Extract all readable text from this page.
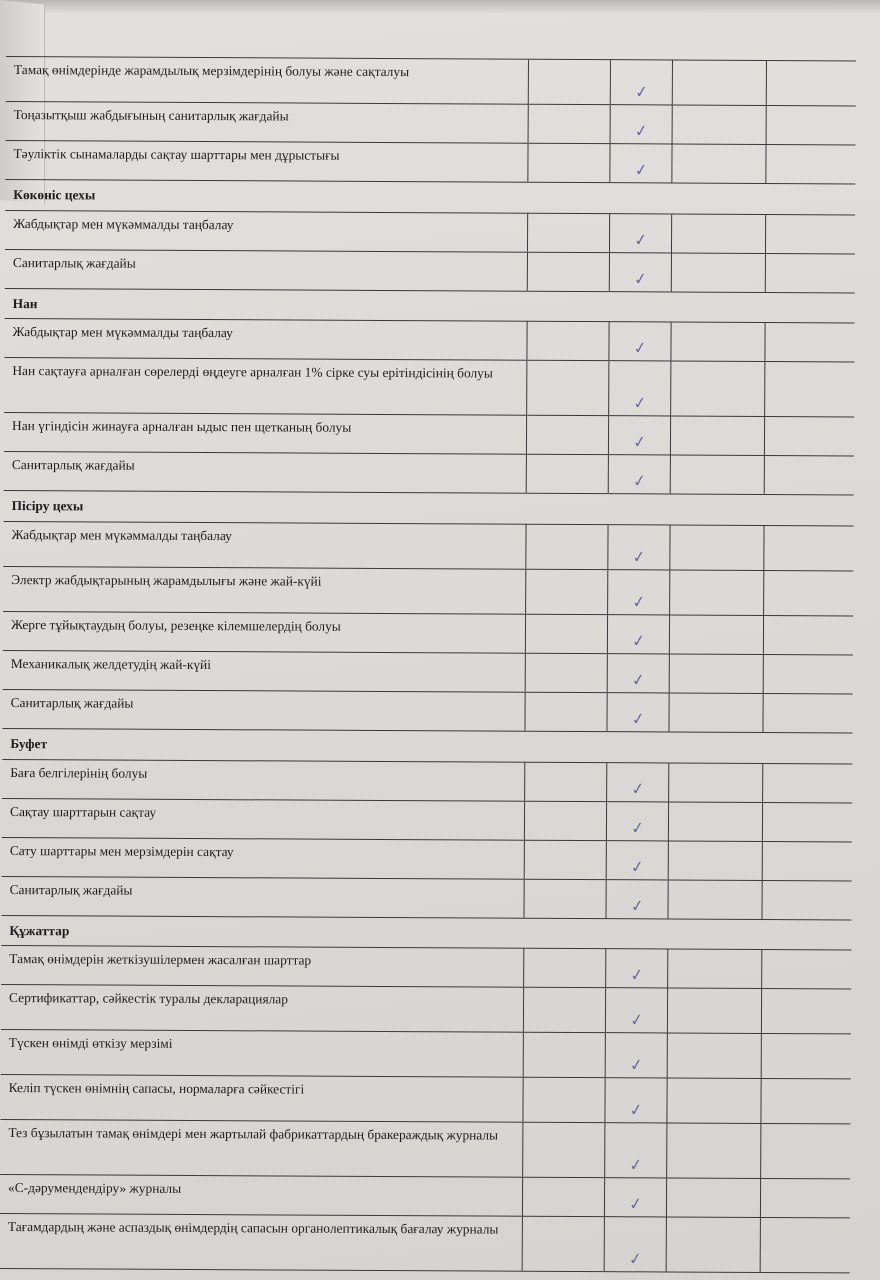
Тамақ өнімдерінде жарамдылық мерзімдерінің болуы және сақталуы		✓		
Тоңазытқыш жабдығының санитарлық жағдайы		✓		
Тәуліктік сынамаларды сақтау шарттары мен дұрыстығы		✓		
Көкөніс цехы				
Жабдықтар мен мүкәммалды таңбалау		✓		
Санитарлық жағдайы		✓		
Нан				
Жабдықтар мен мүкәммалды таңбалау		✓		
Нан сақтауға арналған сөрелерді өңдеуге арналған 1% сірке суы ерітіндісінің болуы		✓		
Нан үгіндісін жинауға арналған ыдыс пен щетканың болуы		✓		
Санитарлық жағдайы		✓		
Пісіру цехы				
Жабдықтар мен мүкәммалды таңбалау		✓		
Электр жабдықтарының жарамдылығы және жай-күйі		✓		
Жерге тұйықтаудың болуы, резеңке кілемшелердің болуы		✓		
Механикалық желдетудің жай-күйі		✓		
Санитарлық жағдайы		✓		
Буфет				
Баға белгілерінің болуы		✓		
Сақтау шарттарын сақтау		✓		
Сату шарттары мен мерзімдерін сақтау		✓		
Санитарлық жағдайы		✓		
Құжаттар				
Тамақ өнімдерін жеткізушілермен жасалған шарттар		✓		
Сертификаттар, сәйкестік туралы декларациялар		✓		
Түскен өнімді өткізу мерзімі		✓		
Келіп түскен өнімнің сапасы, нормаларға сәйкестігі		✓		
Тез бұзылатын тамақ өнімдері мен жартылай фабрикаттардың бракераждық журналы		✓		
«С-дәрумендендіру» журналы		✓		
Тағамдардың және аспаздық өнімдердің сапасын органолептикалық бағалау журналы		✓		
